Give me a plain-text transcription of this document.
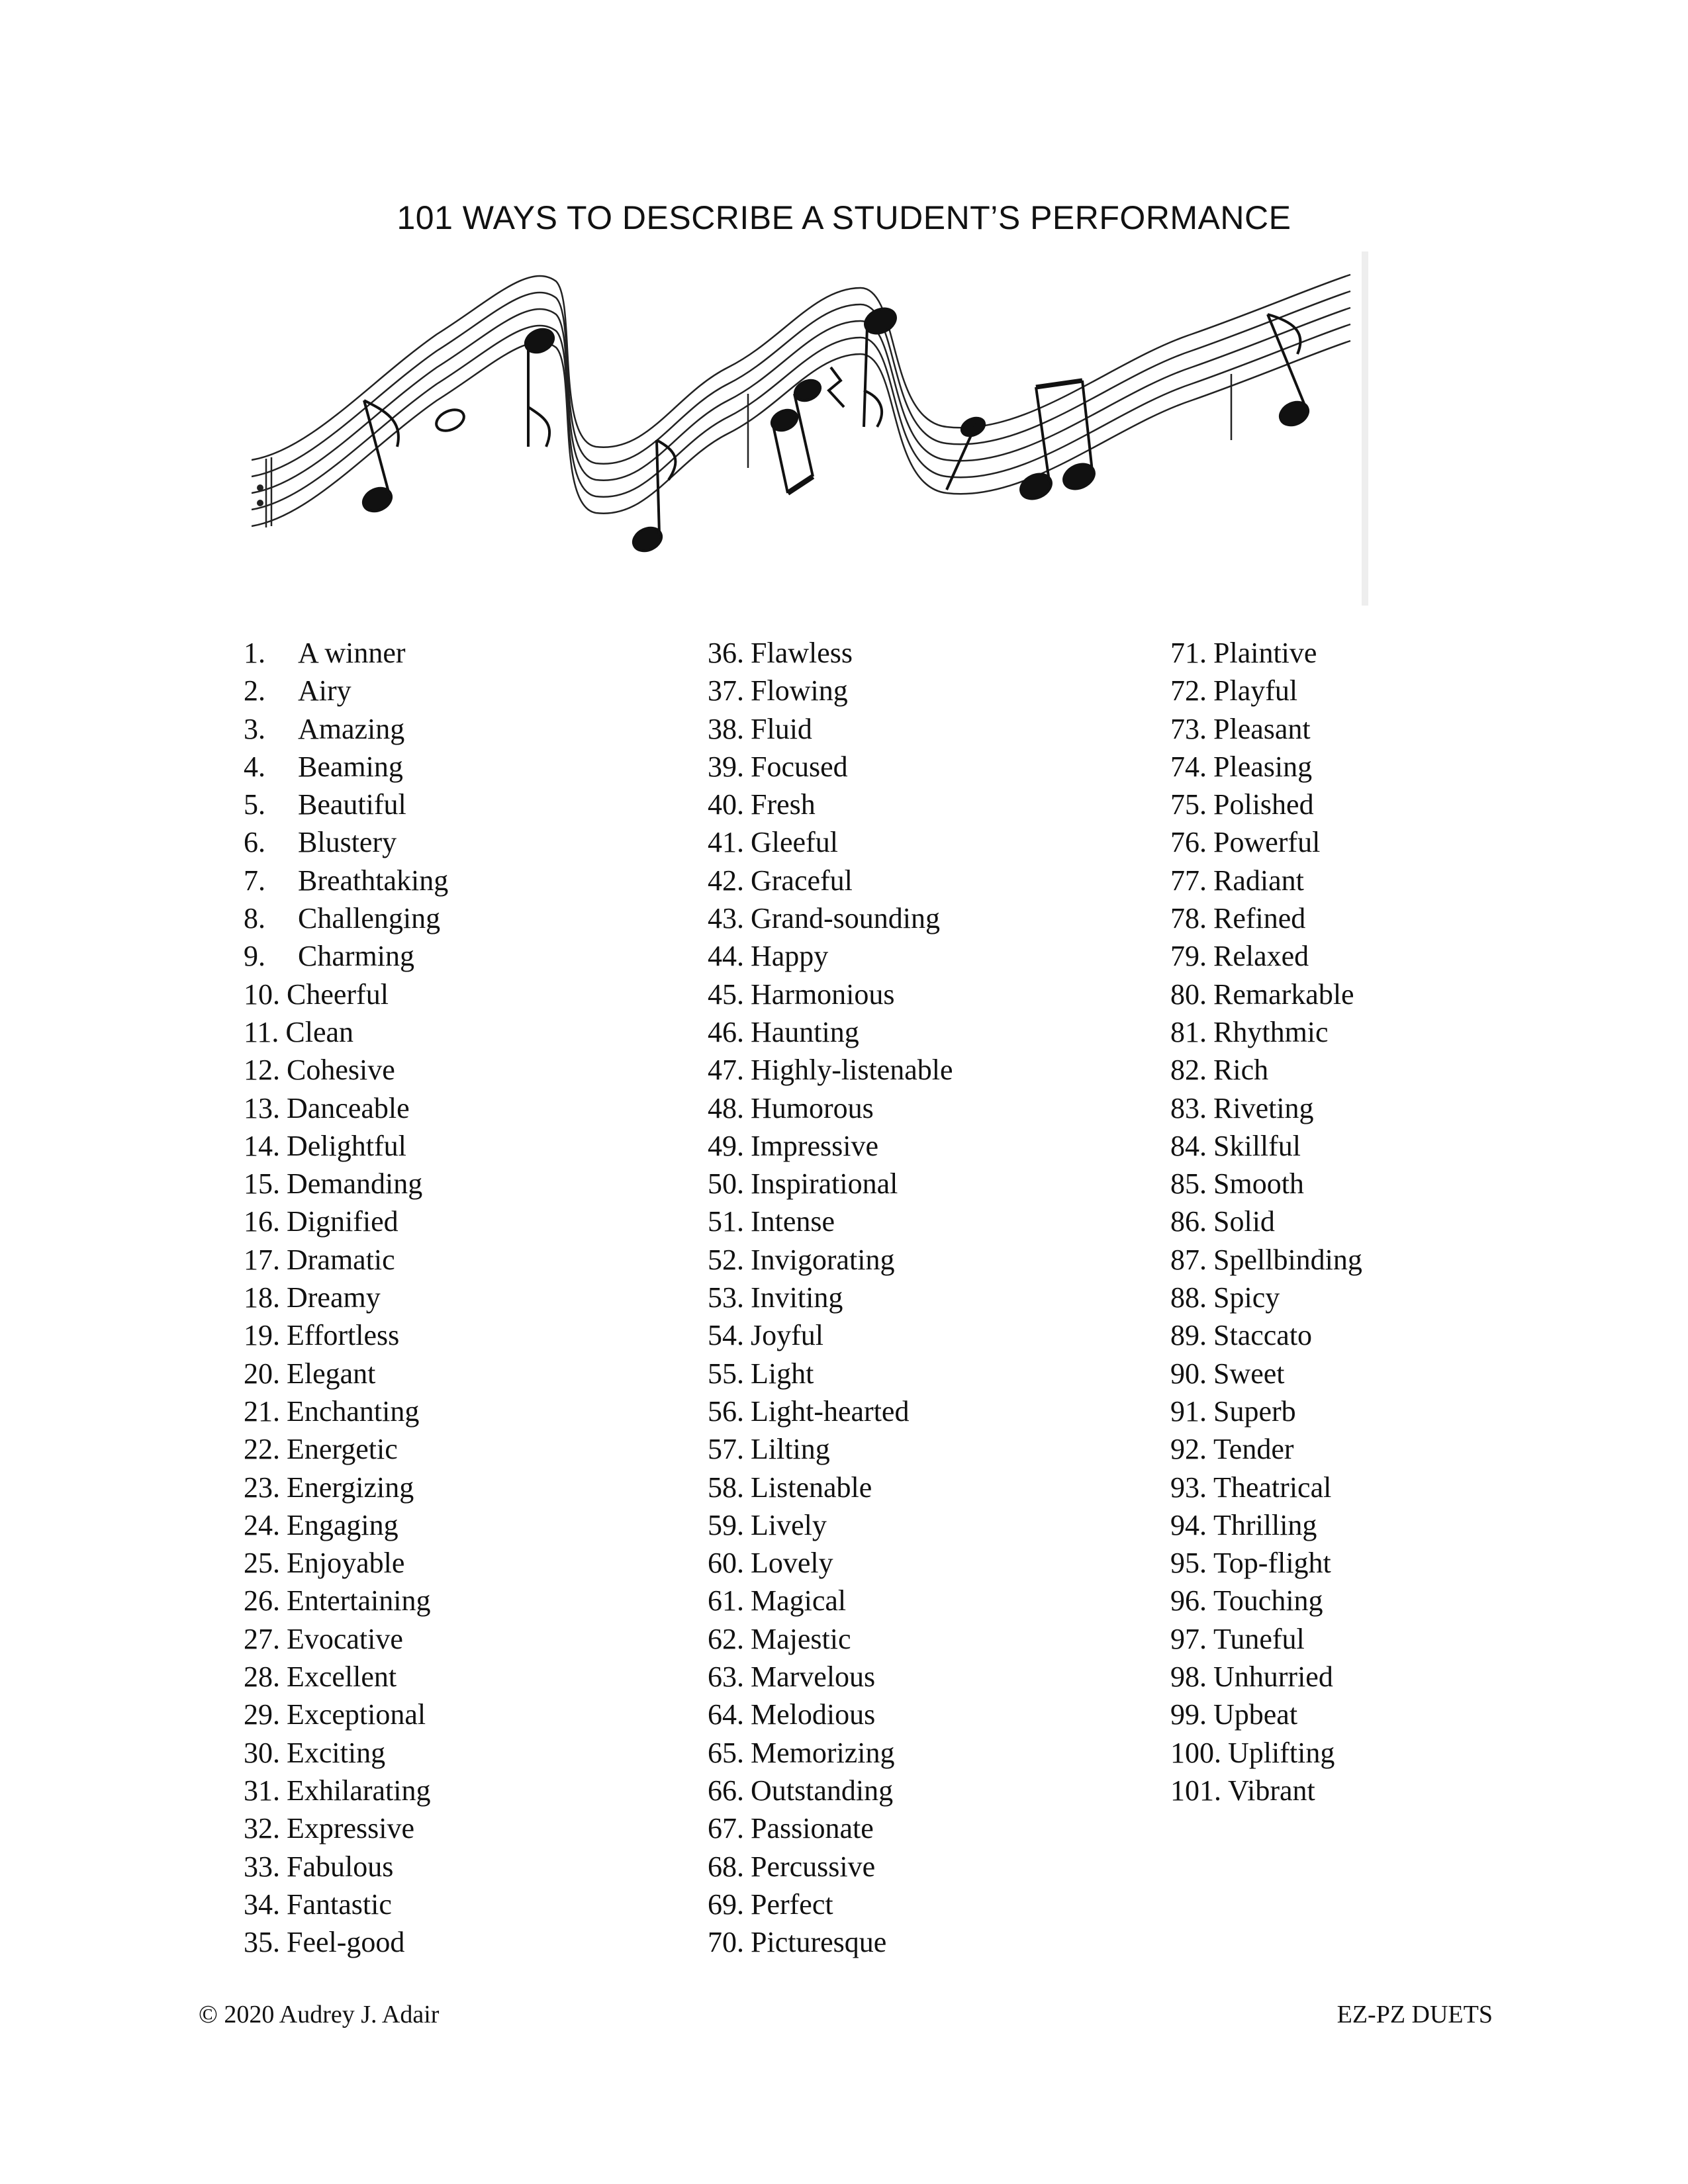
101 WAYS TO DESCRIBE A STUDENT’S PERFORMANCE
1. A winner
2. Airy
3. Amazing
4. Beaming
5. Beautiful
6. Blustery
7. Breathtaking
8. Challenging
9. Charming
10. Cheerful
11. Clean
12. Cohesive
13. Danceable
14. Delightful
15. Demanding
16. Dignified
17. Dramatic
18. Dreamy
19. Effortless
20. Elegant
21. Enchanting
22. Energetic
23. Energizing
24. Engaging
25. Enjoyable
26. Entertaining
27. Evocative
28. Excellent
29. Exceptional
30. Exciting
31. Exhilarating
32. Expressive
33. Fabulous
34. Fantastic
35. Feel-good
36. Flawless
37. Flowing
38. Fluid
39. Focused
40. Fresh
41. Gleeful
42. Graceful
43. Grand-sounding
44. Happy
45. Harmonious
46. Haunting
47. Highly-listenable
48. Humorous
49. Impressive
50. Inspirational
51. Intense
52. Invigorating
53. Inviting
54. Joyful
55. Light
56. Light-hearted
57. Lilting
58. Listenable
59. Lively
60. Lovely
61. Magical
62. Majestic
63. Marvelous
64. Melodious
65. Memorizing
66. Outstanding
67. Passionate
68. Percussive
69. Perfect
70. Picturesque
71. Plaintive
72. Playful
73. Pleasant
74. Pleasing
75. Polished
76. Powerful
77. Radiant
78. Refined
79. Relaxed
80. Remarkable
81. Rhythmic
82. Rich
83. Riveting
84. Skillful
85. Smooth
86. Solid
87. Spellbinding
88. Spicy
89. Staccato
90. Sweet
91. Superb
92. Tender
93. Theatrical
94. Thrilling
95. Top-flight
96. Touching
97. Tuneful
98. Unhurried
99. Upbeat
100. Uplifting
101. Vibrant
© 2020 Audrey J. Adair	EZ-PZ DUETS
